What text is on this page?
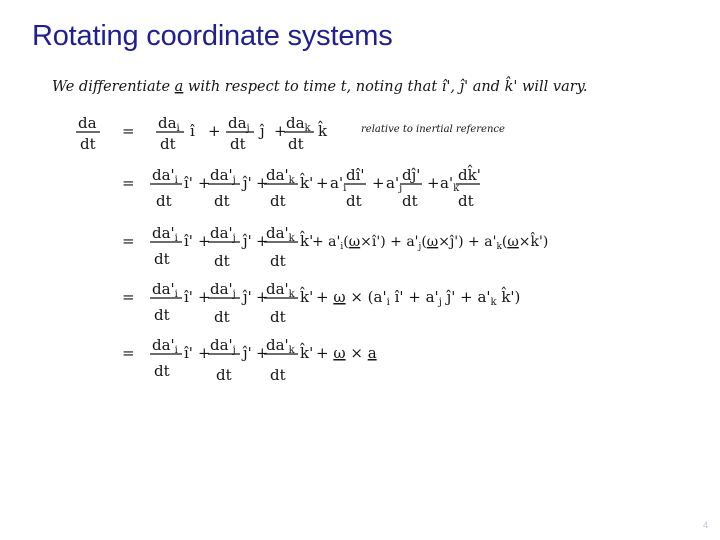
Rotating coordinate systems
We differentiate a with respect to time t, noting that î', ĵ' and k̂' will vary.
da
dt
= $da_i$
dt
î + $da_j$
dt
ĵ + $da_k$
dt
k̂	relative to inertial reference
= $da'_i$
dt
î' + $da'_j$
dt
ĵ' +
$da'_k$
dt
k̂' + $a'_i$
dî'
dt
+ $a'_j$
dĵ'
dt
+ $a'_k$
dk̂'
dt
= $da'_i$
dt
î' + $da'_j$
dt
ĵ' +
$da'_k$
dt
k̂'
+ $a'_i(\omega\times î')$ + $a'_j(\omega\times ĵ')$ + $a'_k(\omega\times k̂')$
= $da'_i$
dt
î' + $da'_j$
dt
ĵ' +
$da'_k$
dt
k̂' + $\omega \times (a'_i$ î' + $a'_j$ ĵ' + $a'_k$ k̂')
= $da'_i$
dt
î' + $da'_j$
dt
ĵ' +
$da'_k$
dt
k̂' + ω × a
4
